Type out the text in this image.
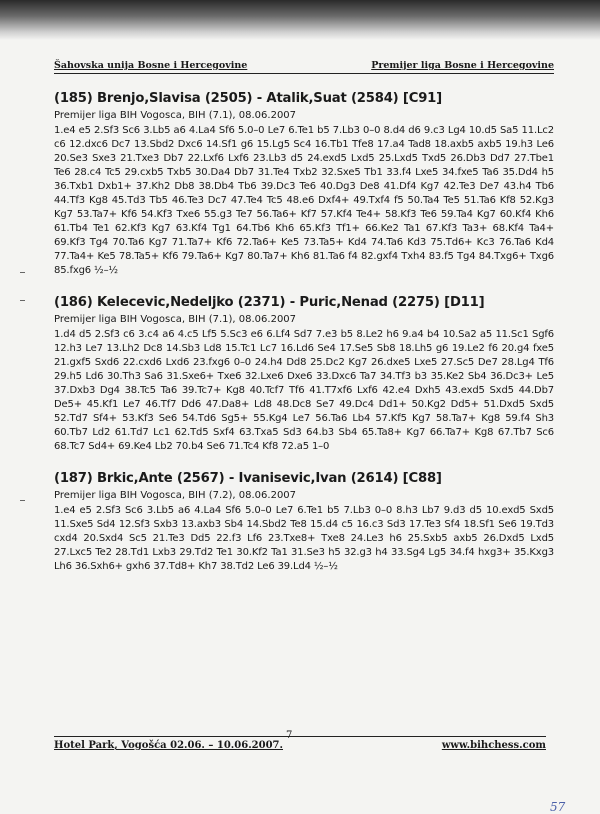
Šahovska unija Bosne i Hercegovine	Premijer liga Bosne i Hercegovine
(185) Brenjo,Slavisa (2505) - Atalik,Suat (2584) [C91]
Premijer liga BIH Vogosca, BIH (7.1), 08.06.2007
1.e4 e5 2.Sf3 Sc6 3.Lb5 a6 4.La4 Sf6 5.0–0 Le7 6.Te1 b5 7.Lb3 0–0 8.d4 d6 9.c3 Lg4 10.d5 Sa5 11.Lc2 c6 12.dxc6 Dc7 13.Sbd2 Dxc6 14.Sf1 g6 15.Lg5 Sc4 16.Tb1 Tfe8 17.a4 Tad8 18.axb5 axb5 19.h3 Le6 20.Se3 Sxe3 21.Txe3 Db7 22.Lxf6 Lxf6 23.Lb3 d5 24.exd5 Lxd5 25.Lxd5 Txd5 26.Db3 Dd7 27.Tbe1 Te6 28.c4 Tc5 29.cxb5 Txb5 30.Da4 Db7 31.Te4 Txb2 32.Sxe5 Tb1 33.f4 Lxe5 34.fxe5 Ta6 35.Dd4 h5 36.Txb1 Dxb1+ 37.Kh2 Db8 38.Db4 Tb6 39.Dc3 Te6 40.Dg3 De8 41.Df4 Kg7 42.Te3 De7 43.h4 Tb6 44.Tf3 Kg8 45.Td3 Tb5 46.Te3 Dc7 47.Te4 Tc5 48.e6 Dxf4+ 49.Txf4 f5 50.Ta4 Te5 51.Ta6 Kf8 52.Kg3 Kg7 53.Ta7+ Kf6 54.Kf3 Txe6 55.g3 Te7 56.Ta6+ Kf7 57.Kf4 Te4+ 58.Kf3 Te6 59.Ta4 Kg7 60.Kf4 Kh6 61.Tb4 Te1 62.Kf3 Kg7 63.Kf4 Tg1 64.Tb6 Kh6 65.Kf3 Tf1+ 66.Ke2 Ta1 67.Kf3 Ta3+ 68.Kf4 Ta4+ 69.Kf3 Tg4 70.Ta6 Kg7 71.Ta7+ Kf6 72.Ta6+ Ke5 73.Ta5+ Kd4 74.Ta6 Kd3 75.Td6+ Kc3 76.Ta6 Kd4 77.Ta4+ Ke5 78.Ta5+ Kf6 79.Ta6+ Kg7 80.Ta7+ Kh6 81.Ta6 f4 82.gxf4 Txh4 83.f5 Tg4 84.Txg6+ Txg6 85.fxg6 ½–½
(186) Kelecevic,Nedeljko (2371) - Puric,Nenad (2275) [D11]
Premijer liga BIH Vogosca, BIH (7.1), 08.06.2007
1.d4 d5 2.Sf3 c6 3.c4 a6 4.c5 Lf5 5.Sc3 e6 6.Lf4 Sd7 7.e3 b5 8.Le2 h6 9.a4 b4 10.Sa2 a5 11.Sc1 Sgf6 12.h3 Le7 13.Lh2 Dc8 14.Sb3 Ld8 15.Tc1 Lc7 16.Ld6 Se4 17.Se5 Sb8 18.Lh5 g6 19.Le2 f6 20.g4 fxe5 21.gxf5 Sxd6 22.cxd6 Lxd6 23.fxg6 0–0 24.h4 Dd8 25.Dc2 Kg7 26.dxe5 Lxe5 27.Sc5 De7 28.Lg4 Tf6 29.h5 Ld6 30.Th3 Sa6 31.Sxe6+ Txe6 32.Lxe6 Dxe6 33.Dxc6 Ta7 34.Tf3 b3 35.Ke2 Sb4 36.Dc3+ Le5 37.Dxb3 Dg4 38.Tc5 Ta6 39.Tc7+ Kg8 40.Tcf7 Tf6 41.T7xf6 Lxf6 42.e4 Dxh5 43.exd5 Sxd5 44.Db7 De5+ 45.Kf1 Le7 46.Tf7 Dd6 47.Da8+ Ld8 48.Dc8 Se7 49.Dc4 Dd1+ 50.Kg2 Dd5+ 51.Dxd5 Sxd5 52.Td7 Sf4+ 53.Kf3 Se6 54.Td6 Sg5+ 55.Kg4 Le7 56.Ta6 Lb4 57.Kf5 Kg7 58.Ta7+ Kg8 59.f4 Sh3 60.Tb7 Ld2 61.Td7 Lc1 62.Td5 Sxf4 63.Txa5 Sd3 64.b3 Sb4 65.Ta8+ Kg7 66.Ta7+ Kg8 67.Tb7 Sc6 68.Tc7 Sd4+ 69.Ke4 Lb2 70.b4 Se6 71.Tc4 Kf8 72.a5 1–0
(187) Brkic,Ante (2567) - Ivanisevic,Ivan (2614) [C88]
Premijer liga BIH Vogosca, BIH (7.2), 08.06.2007
1.e4 e5 2.Sf3 Sc6 3.Lb5 a6 4.La4 Sf6 5.0–0 Le7 6.Te1 b5 7.Lb3 0–0 8.h3 Lb7 9.d3 d5 10.exd5 Sxd5 11.Sxe5 Sd4 12.Sf3 Sxb3 13.axb3 Sb4 14.Sbd2 Te8 15.d4 c5 16.c3 Sd3 17.Te3 Sf4 18.Sf1 Se6 19.Td3 cxd4 20.Sxd4 Sc5 21.Te3 Dd5 22.f3 Lf6 23.Txe8+ Txe8 24.Le3 h6 25.Sxb5 axb5 26.Dxd5 Lxd5 27.Lxc5 Te2 28.Td1 Lxb3 29.Td2 Te1 30.Kf2 Ta1 31.Se3 h5 32.g3 h4 33.Sg4 Lg5 34.f4 hxg3+ 35.Kxg3 Lh6 36.Sxh6+ gxh6 37.Td8+ Kh7 38.Td2 Le6 39.Ld4 ½–½
7
Hotel Park, Vogošća 02.06. – 10.06.2007.	www.bihchess.com
57
